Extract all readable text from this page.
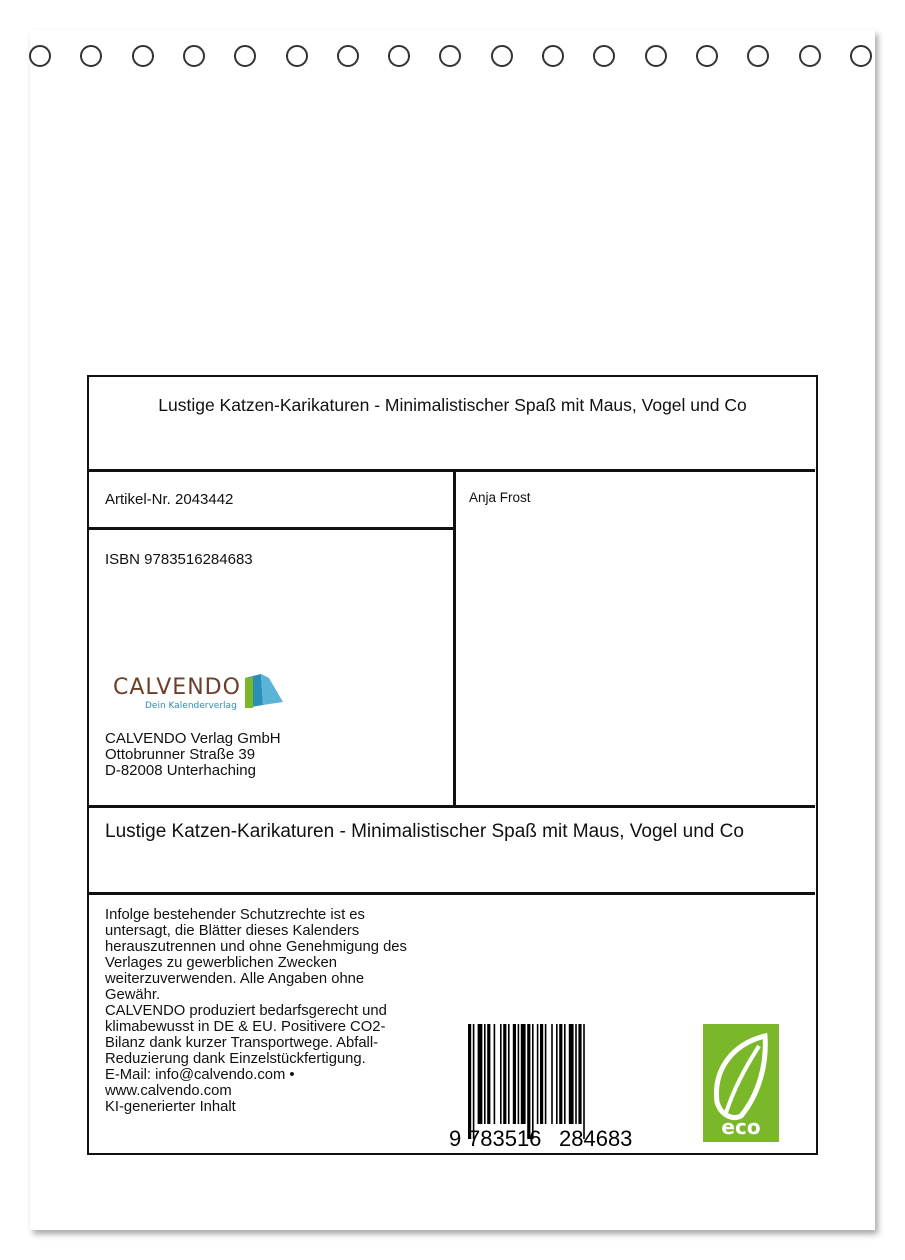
Lustige Katzen-Karikaturen - Minimalistischer Spaß mit Maus, Vogel und Co
Artikel-Nr. 2043442	Anja Frost
ISBN 9783516284683
CALVENDO
Dein Kalenderverlag
CALVENDO Verlag GmbH
Ottobrunner Straße 39
D-82008 Unterhaching
Lustige Katzen-Karikaturen - Minimalistischer Spaß mit Maus, Vogel und Co
Infolge bestehender Schutzrechte ist es
untersagt, die Blätter dieses Kalenders
herauszutrennen und ohne Genehmigung des
Verlages zu gewerblichen Zwecken
weiterzuverwenden. Alle Angaben ohne
Gewähr.
CALVENDO produziert bedarfsgerecht und
klimabewusst in DE & EU. Positivere CO2-
Bilanz dank kurzer Transportwege. Abfall-
Reduzierung dank Einzelstückfertigung.
E-Mail: info@calvendo.com •
www.calvendo.com
KI-generierter Inhalt
9 783516 284683	eco
